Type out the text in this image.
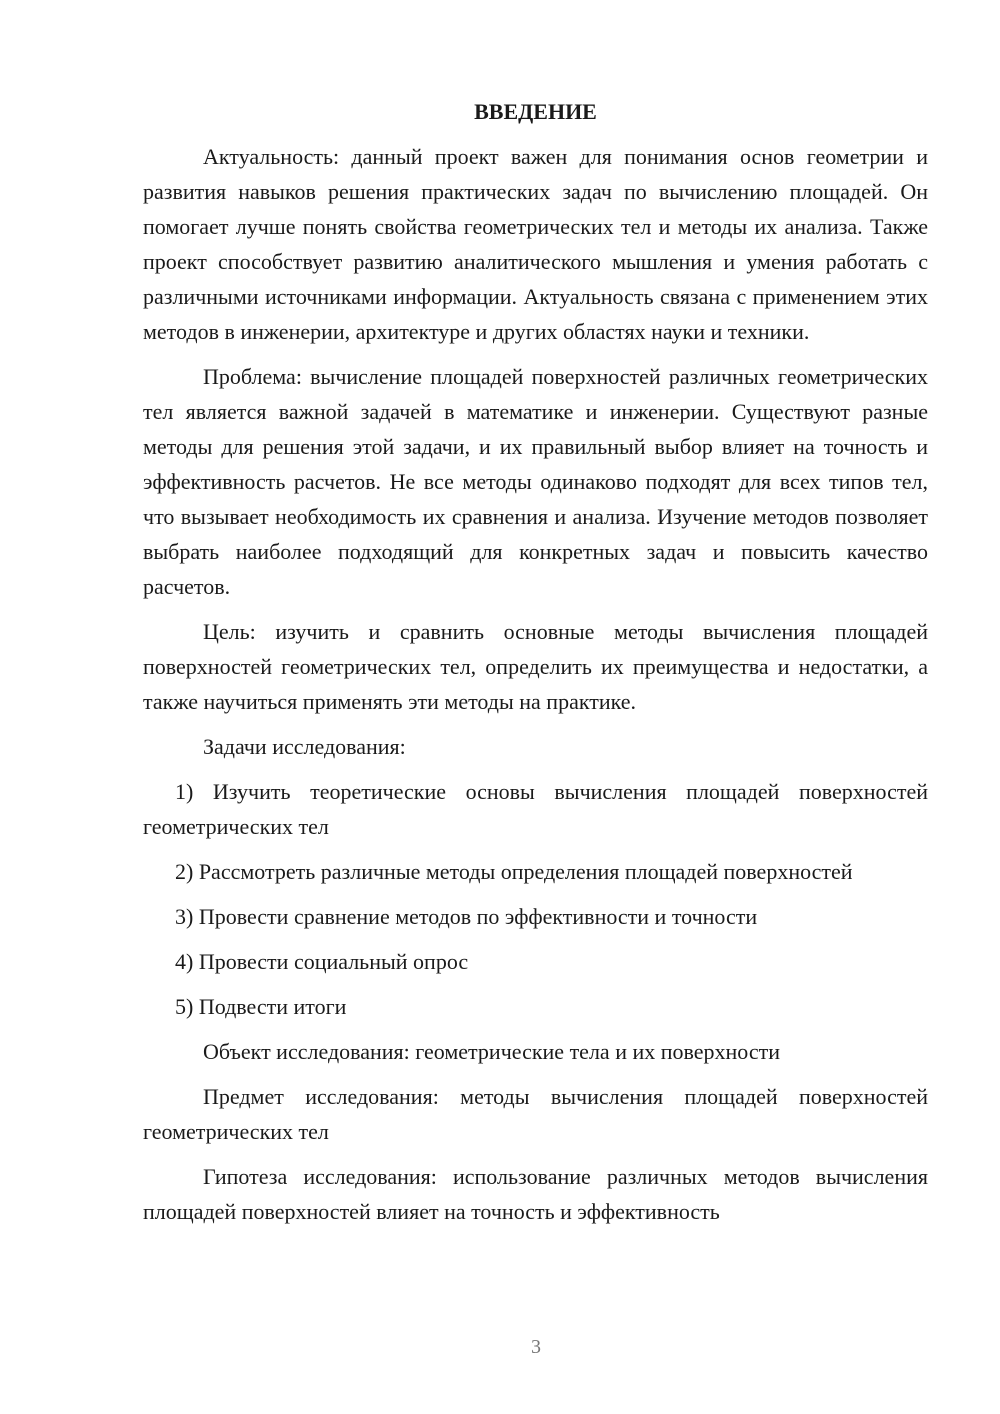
ВВЕДЕНИЕ

Актуальность: данный проект важен для понимания основ геометрии и развития навыков решения практических задач по вычислению площадей. Он помогает лучше понять свойства геометрических тел и методы их анализа. Также проект способствует развитию аналитического мышления и умения работать с различными источниками информации. Актуальность связана с применением этих методов в инженерии, архитектуре и других областях науки и техники.

Проблема: вычисление площадей поверхностей различных геометрических тел является важной задачей в математике и инженерии. Существуют разные методы для решения этой задачи, и их правильный выбор влияет на точность и эффективность расчетов. Не все методы одинаково подходят для всех типов тел, что вызывает необходимость их сравнения и анализа. Изучение методов позволяет выбрать наиболее подходящий для конкретных задач и повысить качество расчетов.

Цель: изучить и сравнить основные методы вычисления площадей поверхностей геометрических тел, определить их преимущества и недостатки, а также научиться применять эти методы на практике.

Задачи исследования:

1) Изучить теоретические основы вычисления площадей поверхностей геометрических тел

2) Рассмотреть различные методы определения площадей поверхностей

3) Провести сравнение методов по эффективности и точности

4) Провести социальный опрос

5) Подвести итоги

Объект исследования: геометрические тела и их поверхности

Предмет исследования: методы вычисления площадей поверхностей геометрических тел

Гипотеза исследования: использование различных методов вычисления площадей поверхностей влияет на точность и эффективность

3
